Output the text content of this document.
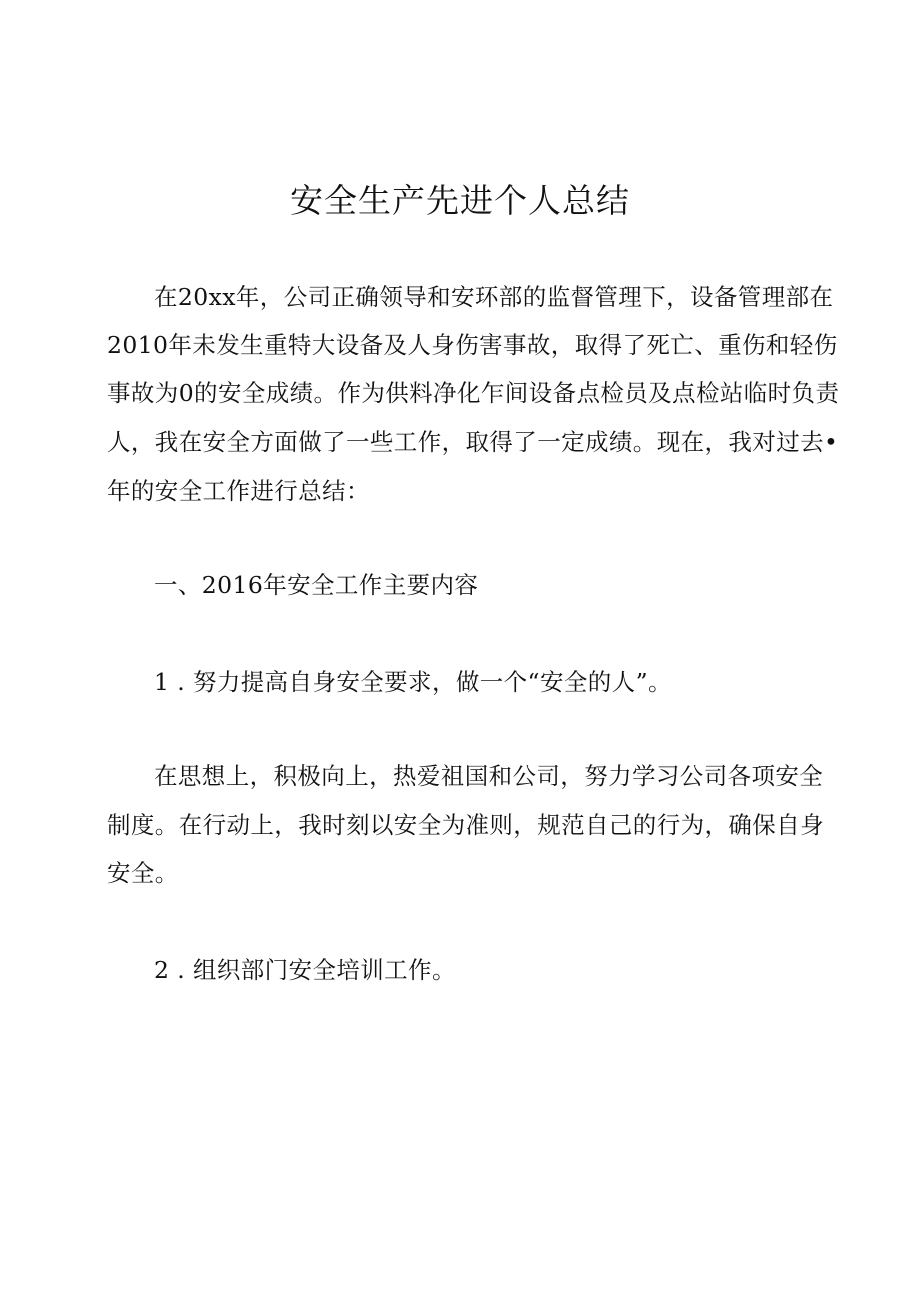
安全生产先进个人总结
在20xx年，公司正确领导和安环部的监督管理下，设备管理部在
2010年未发生重特大设备及人身伤害事故，取得了死亡、重伤和轻伤
事故为0的安全成绩。作为供料净化乍间设备点检员及点检站临时负责
人，我在安全方面做了一些工作，取得了一定成绩。现在，我对过去•
年的安全工作进行总结：
一、2016年安全工作主要内容
1 . 努力提高自身安全要求，做一个“安全的人”。
在思想上，积极向上，热爱祖国和公司，努力学习公司各项安全
制度。在行动上，我时刻以安全为准则，规范自己的行为，确保自身
安全。
2 . 组织部门安全培训工作。
